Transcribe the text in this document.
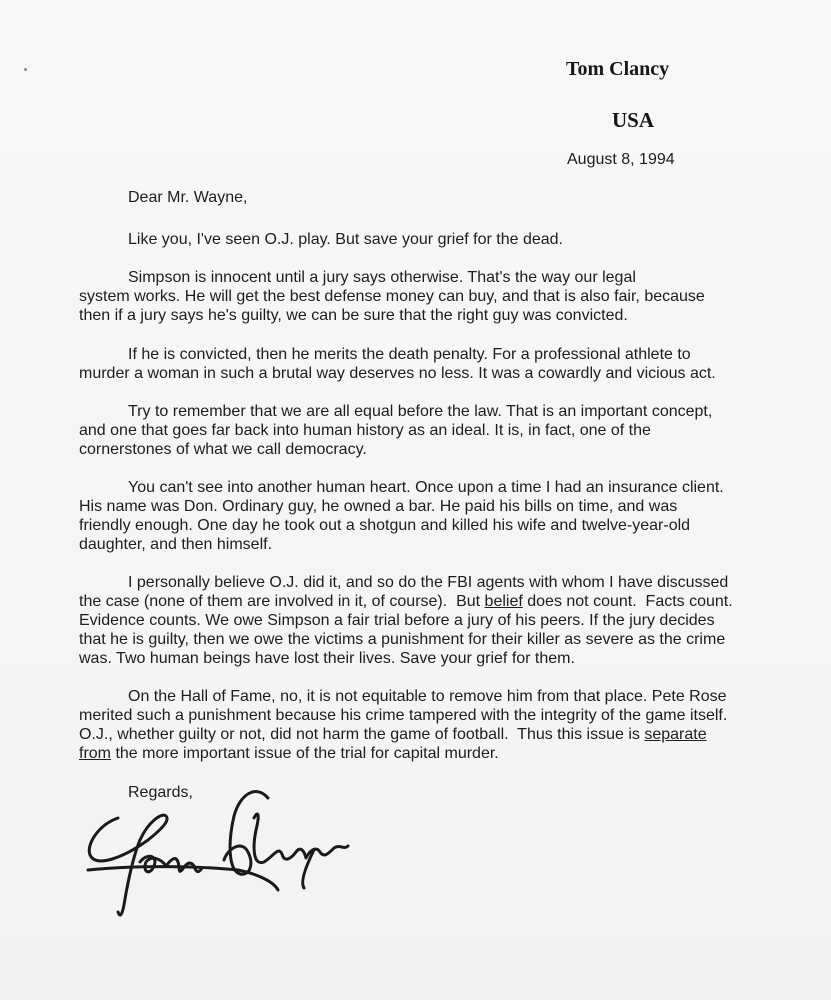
Tom Clancy
USA
August 8, 1994
Dear Mr. Wayne,
Like you, I've seen O.J. play. But save your grief for the dead.
Simpson is innocent until a jury says otherwise. That's the way our legal
system works. He will get the best defense money can buy, and that is also fair, because
then if a jury says he's guilty, we can be sure that the right guy was convicted.
If he is convicted, then he merits the death penalty. For a professional athlete to
murder a woman in such a brutal way deserves no less. It was a cowardly and vicious act.
Try to remember that we are all equal before the law. That is an important concept,
and one that goes far back into human history as an ideal. It is, in fact, one of the
cornerstones of what we call democracy.
You can't see into another human heart. Once upon a time I had an insurance client.
His name was Don. Ordinary guy, he owned a bar. He paid his bills on time, and was
friendly enough. One day he took out a shotgun and killed his wife and twelve-year-old
daughter, and then himself.
I personally believe O.J. did it, and so do the FBI agents with whom I have discussed
the case (none of them are involved in it, of course).  But belief does not count.  Facts count.
Evidence counts. We owe Simpson a fair trial before a jury of his peers. If the jury decides
that he is guilty, then we owe the victims a punishment for their killer as severe as the crime
was. Two human beings have lost their lives. Save your grief for them.
On the Hall of Fame, no, it is not equitable to remove him from that place. Pete Rose
merited such a punishment because his crime tampered with the integrity of the game itself.
O.J., whether guilty or not, did not harm the game of football.  Thus this issue is separate
from the more important issue of the trial for capital murder.
Regards,
